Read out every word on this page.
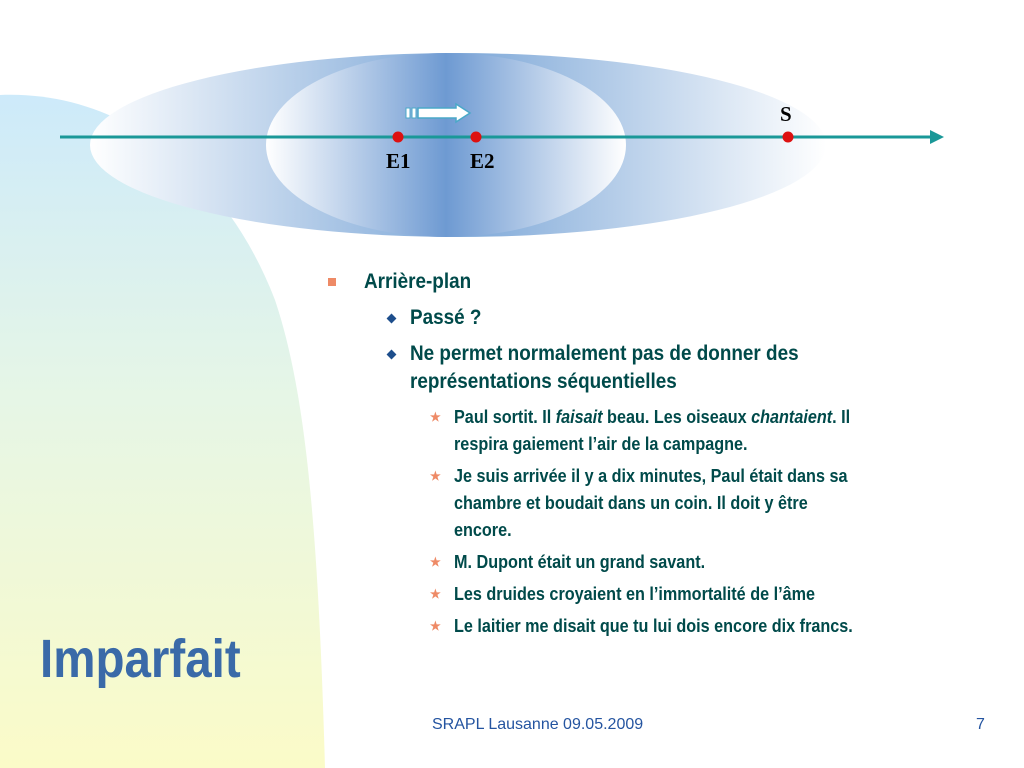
E1	E2
S
Imparfait
Arrière-plan
Passé ?
Ne permet normalement pas de donner des
représentations séquentielles
★ Paul sortit. Il faisait beau. Les oiseaux chantaient. Il
respira gaiement l’air de la campagne.
★ Je suis arrivée il y a dix minutes, Paul était dans sa
chambre et boudait dans un coin. Il doit y être
encore.
★ M. Dupont était un grand savant.
★ Les druides croyaient en l’immortalité de l’âme
★ Le laitier me disait que tu lui dois encore dix francs.
SRAPL Lausanne 09.05.2009	7
